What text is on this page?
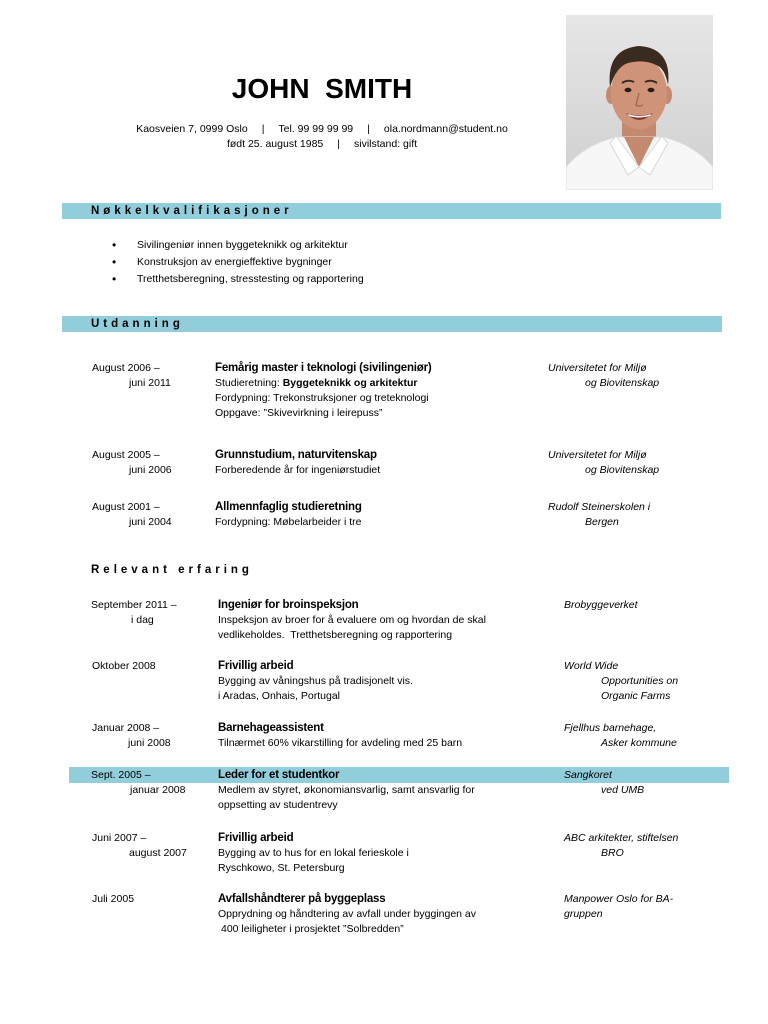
JOHN  SMITH
Kaosveien 7, 0999 Oslo | Tel. 99 99 99 99 | ola.nordmann@student.no
født 25. august 1985 | sivilstand: gift
Nøkkelkvalifikasjoner
•
Sivilingeniør innen byggeteknikk og arkitektur
•
Konstruksjon av energieffektive bygninger
•
Tretthetsberegning, stresstesting og rapportering
Utdanning
August 2006 –
juni 2011
Femårig master i teknologi (sivilingeniør)
Studieretning: Byggeteknikk og arkitektur
Fordypning: Trekonstruksjoner og treteknologi
Oppgave: ”Skivevirkning i leirepuss”
Universitetet for Miljø
og Biovitenskap
August 2005 –
juni 2006
Grunnstudium, naturvitenskap
Forberedende år for ingeniørstudiet
Universitetet for Miljø
og Biovitenskap
August 2001 –
juni 2004
Allmennfaglig studieretning
Fordypning: Møbelarbeider i tre
Rudolf Steinerskolen i
Bergen
Relevant erfaring
September 2011 –
i dag
Ingeniør for broinspeksjon
Inspeksjon av broer for å evaluere om og hvordan de skal
vedlikeholdes.  Tretthetsberegning og rapportering
Brobyggeverket
Oktober 2008	Frivillig arbeid
Bygging av våningshus på tradisjonelt vis.
i Aradas, Onhais, Portugal
World Wide
Opportunities on
Organic Farms
Januar 2008 –
juni 2008
Barnehageassistent
Tilnærmet 60% vikarstilling for avdeling med 25 barn
Fjellhus barnehage,
Asker kommune
Sept. 2005 –
januar 2008
Leder for et studentkor
Medlem av styret, økonomiansvarlig, samt ansvarlig for
oppsetting av studentrevy
Sangkoret
ved UMB
Juni 2007 –
august 2007
Frivillig arbeid
Bygging av to hus for en lokal ferieskole i
Ryschkowo, St. Petersburg
ABC arkitekter, stiftelsen
BRO
Juli 2005	Avfallshåndterer på byggeplass
Opprydning og håndtering av avfall under byggingen av
400 leiligheter i prosjektet ”Solbredden”
Manpower Oslo for BA-
gruppen
